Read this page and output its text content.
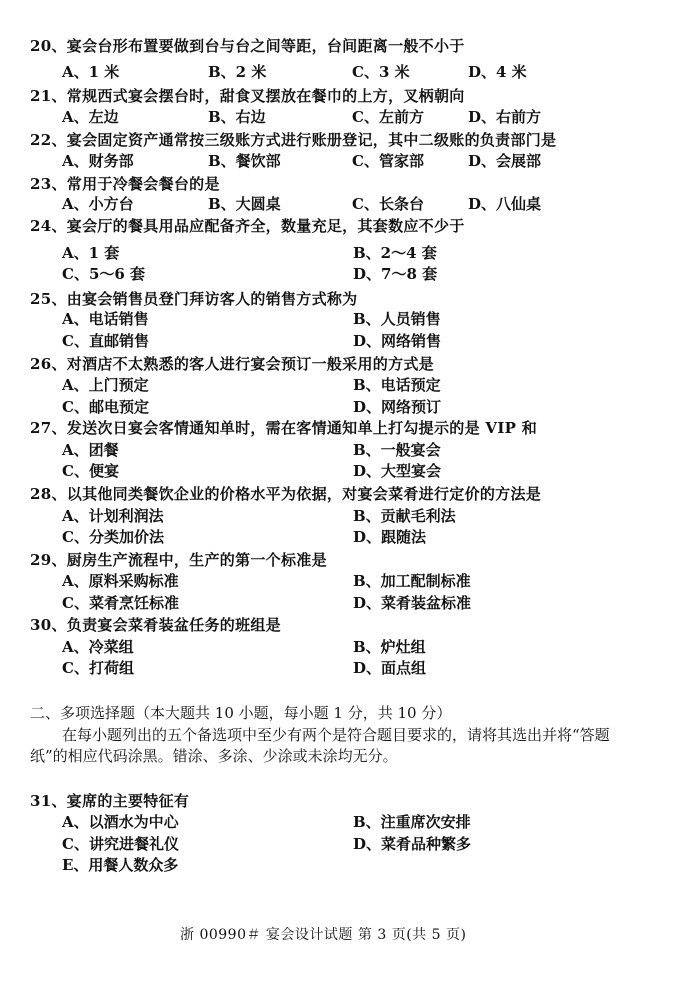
20、宴会台形布置要做到台与台之间等距，台间距离一般不小于
A、1 米	B、2 米	C、3 米	D、4 米
21、常规西式宴会摆台时，甜食叉摆放在餐巾的上方，叉柄朝向
A、左边	B、右边	C、左前方	D、右前方
22、宴会固定资产通常按三级账方式进行账册登记，其中二级账的负责部门是
A、财务部	B、餐饮部	C、管家部	D、会展部
23、常用于冷餐会餐台的是
A、小方台	B、大圆桌	C、长条台	D、八仙桌
24、宴会厅的餐具用品应配备齐全，数量充足，其套数应不少于
A、1 套	B、2～4 套
C、5～6 套	D、7～8 套
25、由宴会销售员登门拜访客人的销售方式称为
A、电话销售	B、人员销售
C、直邮销售	D、网络销售
26、对酒店不太熟悉的客人进行宴会预订一般采用的方式是
A、上门预定	B、电话预定
C、邮电预定	D、网络预订
27、发送次日宴会客情通知单时，需在客情通知单上打勾提示的是 VIP 和
A、团餐	B、一般宴会
C、便宴	D、大型宴会
28、以其他同类餐饮企业的价格水平为依据，对宴会菜肴进行定价的方法是
A、计划利润法	B、贡献毛利法
C、分类加价法	D、跟随法
29、厨房生产流程中，生产的第一个标准是
A、原料采购标准	B、加工配制标准
C、菜肴烹饪标准	D、菜肴装盆标准
30、负责宴会菜肴装盆任务的班组是
A、冷菜组	B、炉灶组
C、打荷组	D、面点组
二、多项选择题（本大题共 10 小题，每小题 1 分，共 10 分）
在每小题列出的五个备选项中至少有两个是符合题目要求的，请将其选出并将“答题
纸”的相应代码涂黑。错涂、多涂、少涂或未涂均无分。
31、宴席的主要特征有
A、以酒水为中心	B、注重席次安排
C、讲究进餐礼仪	D、菜肴品种繁多
E、用餐人数众多
浙 00990＃ 宴会设计试题 第 3 页(共 5 页)
